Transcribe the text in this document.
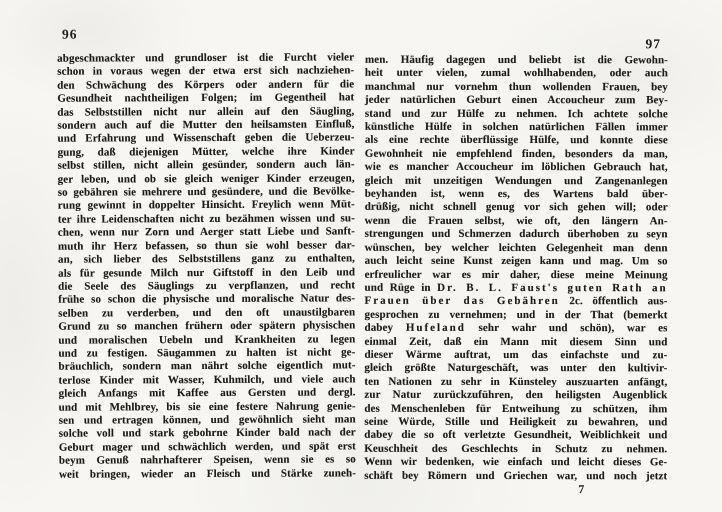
96
abgeschmackter und grundloser ist die Furcht vieler
schon in voraus wegen der etwa erst sich nachziehen-
den Schwächung des Körpers oder andern für die
Gesundheit nachtheiligen Folgen; im Gegentheil hat
das Selbststillen nicht nur allein auf den Säugling,
sondern auch auf die Mutter den heilsamsten Einfluß,
und Erfahrung und Wissenschaft geben die Ueberzeu-
gung, daß diejenigen Mütter, welche ihre Kinder
selbst stillen, nicht allein gesünder, sondern auch län-
ger leben, und ob sie gleich weniger Kinder erzeugen,
so gebähren sie mehrere und gesündere, und die Bevölke-
rung gewinnt in doppelter Hinsicht. Freylich wenn Müt-
ter ihre Leidenschaften nicht zu bezähmen wissen und su-
chen, wenn nur Zorn und Aerger statt Liebe und Sanft-
muth ihr Herz befassen, so thun sie wohl besser dar-
an, sich lieber des Selbststillens ganz zu enthalten,
als für gesunde Milch nur Giftstoff in den Leib und
die Seele des Säuglings zu verpflanzen, und recht
frühe so schon die physische und moralische Natur des-
selben zu verderben, und den oft unaustilgbaren
Grund zu so manchen frühern oder spätern physischen
und moralischen Uebeln und Krankheiten zu legen
und zu festigen. Säugammen zu halten ist nicht ge-
bräuchlich, sondern man nährt solche eigentlich mut-
terlose Kinder mit Wasser, Kuhmilch, und viele auch
gleich Anfangs mit Kaffee aus Gersten und dergl.
und mit Mehlbrey, bis sie eine festere Nahrung genie-
sen und ertragen können, und gewöhnlich sieht man
solche voll und stark gebohrne Kinder bald nach der
Geburt mager und schwächlich werden, und spät erst
beym Genuß nahrhafterer Speisen, wenn sie es so
weit bringen, wieder an Fleisch und Stärke zuneh-
97
men. Häufig dagegen und beliebt ist die Gewohn-
heit unter vielen, zumal wohlhabenden, oder auch
manchmal nur vornehm thun wollenden Frauen, bey
jeder natürlichen Geburt einen Accoucheur zum Bey-
stand und zur Hülfe zu nehmen. Ich achtete solche
künstliche Hülfe in solchen natürlichen Fällen immer
als eine rechte überflüssige Hülfe, und konnte diese
Gewohnheit nie empfehlend finden, besonders da man,
wie es mancher Accoucheur im löblichen Gebrauch hat,
gleich mit unzeitigen Wendungen und Zangenanlegen
beyhanden ist, wenn es, des Wartens bald über-
drüßig, nicht schnell genug vor sich gehen will; oder
wenn die Frauen selbst, wie oft, den längern An-
strengungen und Schmerzen dadurch überhoben zu seyn
wünschen, bey welcher leichten Gelegenheit man denn
auch leicht seine Kunst zeigen kann und mag. Um so
erfreulicher war es mir daher, diese meine Meinung
und Rüge in Dr. B. L. Faust's guten Rath an
Frauen über das Gebähren 2c. öffentlich aus-
gesprochen zu vernehmen; und in der That (bemerkt
dabey Hufeland sehr wahr und schön), war es
einmal Zeit, daß ein Mann mit diesem Sinn und
dieser Wärme auftrat, um das einfachste und zu-
gleich größte Naturgeschäft, was unter den kultivir-
ten Nationen zu sehr in Künsteley auszuarten anfängt,
zur Natur zurückzuführen, den heiligsten Augenblick
des Menschenleben für Entweihung zu schützen, ihm
seine Würde, Stille und Heiligkeit zu bewahren, und
dabey die so oft verletzte Gesundheit, Weiblichkeit und
Keuschheit des Geschlechts in Schutz zu nehmen.
Wenn wir bedenken, wie einfach und leicht dieses Ge-
schäft bey Römern und Griechen war, und noch jetzt
7
